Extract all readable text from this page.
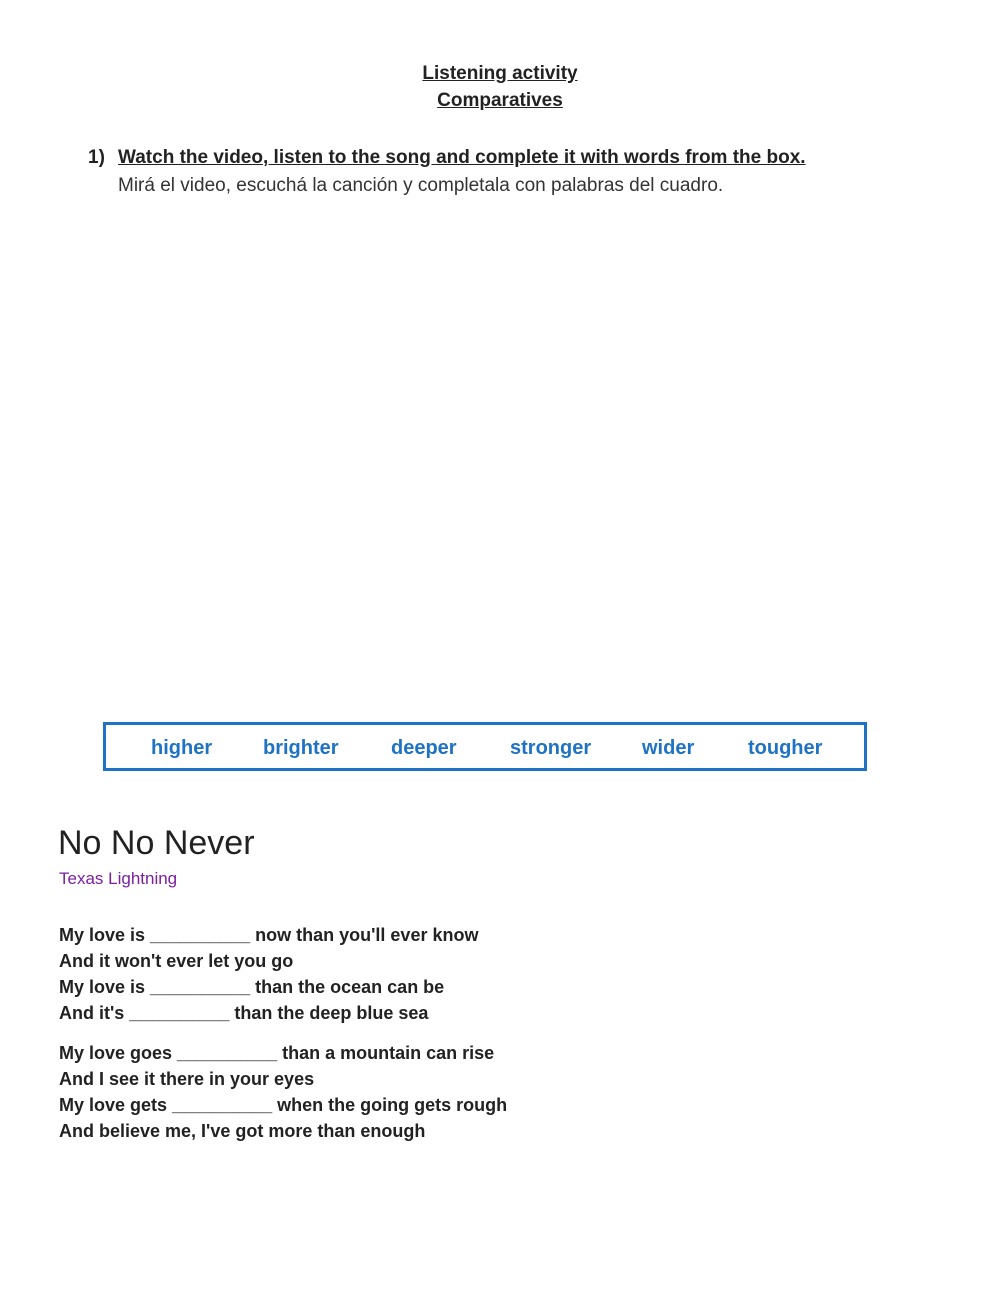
Listening activity
Comparatives
1) Watch the video, listen to the song and complete it with words from the box.
Mirá el video, escuchá la canción y completala con palabras del cuadro.
higher	brighter	deeper	stronger	wider	tougher
No No Never
Texas Lightning
My love is __________ now than you'll ever know
And it won't ever let you go
My love is __________ than the ocean can be
And it's __________ than the deep blue sea
My love goes __________ than a mountain can rise
And I see it there in your eyes
My love gets __________ when the going gets rough
And believe me, I've got more than enough
